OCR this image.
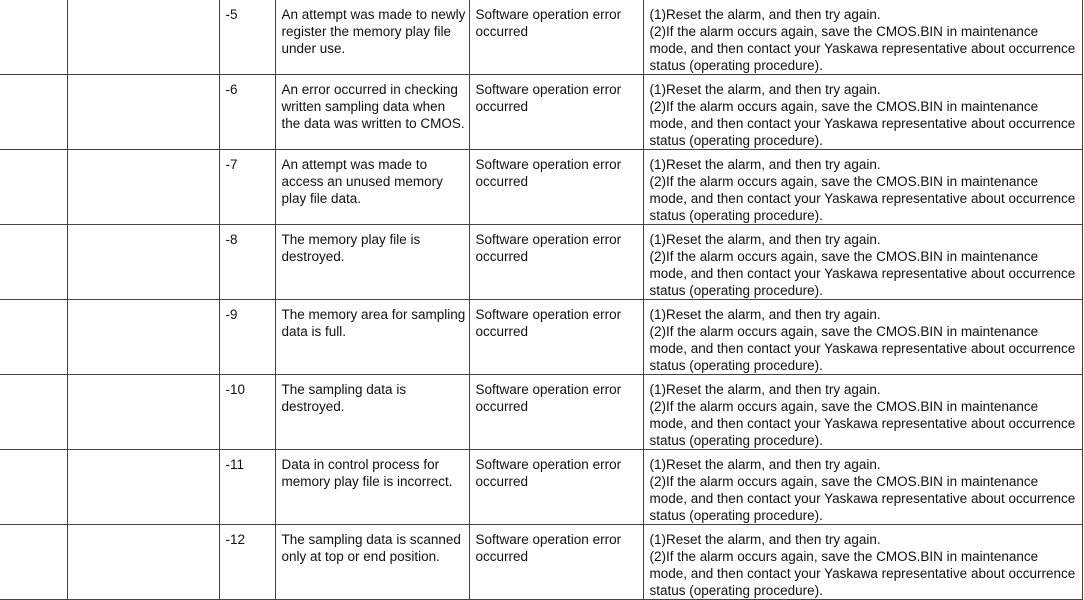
		-5	An attempt was made to newly register the memory play file under use.	Software operation error occurred	(1)Reset the alarm, and then try again.
(2)If the alarm occurs again, save the CMOS.BIN in maintenance mode, and then contact your Yaskawa representative about occurrence status (operating procedure).
		-6	An error occurred in checking written sampling data when the data was written to CMOS.	Software operation error occurred	(1)Reset the alarm, and then try again.
(2)If the alarm occurs again, save the CMOS.BIN in maintenance mode, and then contact your Yaskawa representative about occurrence status (operating procedure).
		-7	An attempt was made to access an unused memory play file data.	Software operation error occurred	(1)Reset the alarm, and then try again.
(2)If the alarm occurs again, save the CMOS.BIN in maintenance mode, and then contact your Yaskawa representative about occurrence status (operating procedure).
		-8	The memory play file is destroyed.	Software operation error occurred	(1)Reset the alarm, and then try again.
(2)If the alarm occurs again, save the CMOS.BIN in maintenance mode, and then contact your Yaskawa representative about occurrence status (operating procedure).
		-9	The memory area for sampling data is full.	Software operation error occurred	(1)Reset the alarm, and then try again.
(2)If the alarm occurs again, save the CMOS.BIN in maintenance mode, and then contact your Yaskawa representative about occurrence status (operating procedure).
		-10	The sampling data is destroyed.	Software operation error occurred	(1)Reset the alarm, and then try again.
(2)If the alarm occurs again, save the CMOS.BIN in maintenance mode, and then contact your Yaskawa representative about occurrence status (operating procedure).
		-11	Data in control process for memory play file is incorrect.	Software operation error occurred	(1)Reset the alarm, and then try again.
(2)If the alarm occurs again, save the CMOS.BIN in maintenance mode, and then contact your Yaskawa representative about occurrence status (operating procedure).
		-12	The sampling data is scanned only at top or end position.	Software operation error occurred	(1)Reset the alarm, and then try again.
(2)If the alarm occurs again, save the CMOS.BIN in maintenance mode, and then contact your Yaskawa representative about occurrence status (operating procedure).
